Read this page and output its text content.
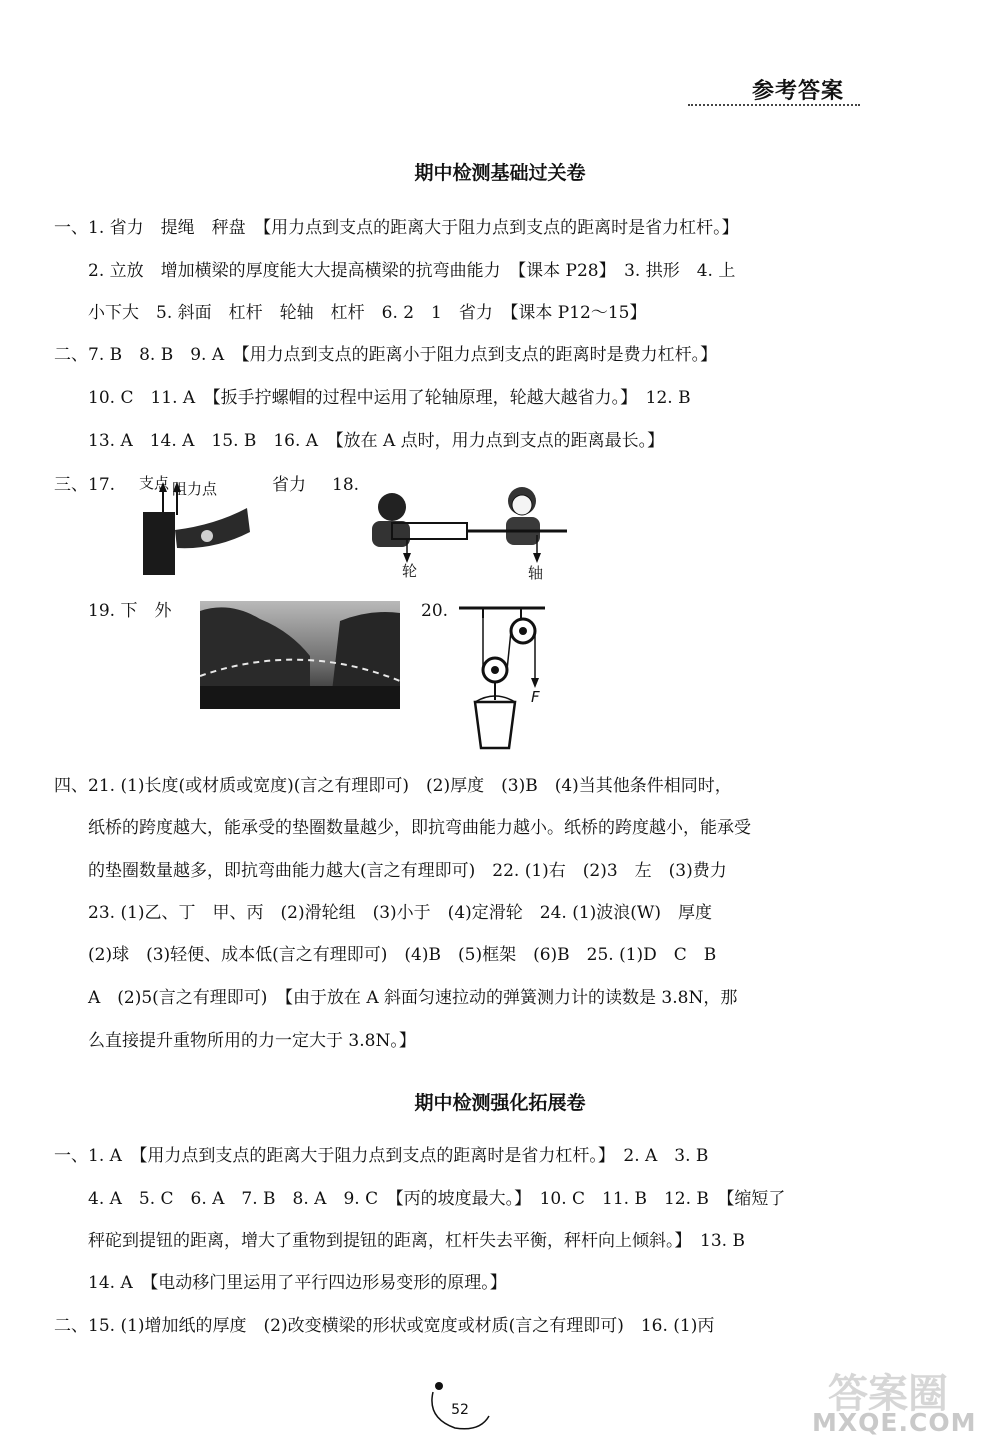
参考答案
期中检测基础过关卷
一、1. 省力　提绳　秤盘　【用力点到支点的距离大于阻力点到支点的距离时是省力杠杆。】
2. 立放　增加横梁的厚度能大大提高横梁的抗弯曲能力　【课本 P28】　3. 拱形　4. 上
小下大　5. 斜面　杠杆　轮轴　杠杆　6. 2　1　省力　【课本 P12～15】
二、7. B　8. B　9. A　【用力点到支点的距离小于阻力点到支点的距离时是费力杠杆。】
10. C　11. A　【扳手拧螺帽的过程中运用了轮轴原理，轮越大越省力。】　12. B
13. A　14. A　15. B　16. A　【放在 A 点时，用力点到支点的距离最长。】
三、17.	省力 18.
支点 阻力点
轮	轴
19. 下　外	20.
F
四、21. (1)长度(或材质或宽度)(言之有理即可)　(2)厚度　(3)B　(4)当其他条件相同时，
纸桥的跨度越大，能承受的垫圈数量越少，即抗弯曲能力越小。纸桥的跨度越小，能承受
的垫圈数量越多，即抗弯曲能力越大(言之有理即可)　22. (1)右　(2)3　左　(3)费力
23. (1)乙、丁　甲、丙　(2)滑轮组　(3)小于　(4)定滑轮　24. (1)波浪(W)　厚度
(2)球　(3)轻便、成本低(言之有理即可)　(4)B　(5)框架　(6)B　25. (1)D　C　B
A　(2)5(言之有理即可)　【由于放在 A 斜面匀速拉动的弹簧测力计的读数是 3.8N，那
么直接提升重物所用的力一定大于 3.8N。】
期中检测强化拓展卷
一、1. A　【用力点到支点的距离大于阻力点到支点的距离时是省力杠杆。】　2. A　3. B
4. A　5. C　6. A　7. B　8. A　9. C　【丙的坡度最大。】　10. C　11. B　12. B　【缩短了
秤砣到提钮的距离，增大了重物到提钮的距离，杠杆失去平衡，秤杆向上倾斜。】　13. B
14. A　【电动移门里运用了平行四边形易变形的原理。】
二、15. (1)增加纸的厚度　(2)改变横梁的形状或宽度或材质(言之有理即可)　16. (1)丙
52	答案圈
MXQE.COM
